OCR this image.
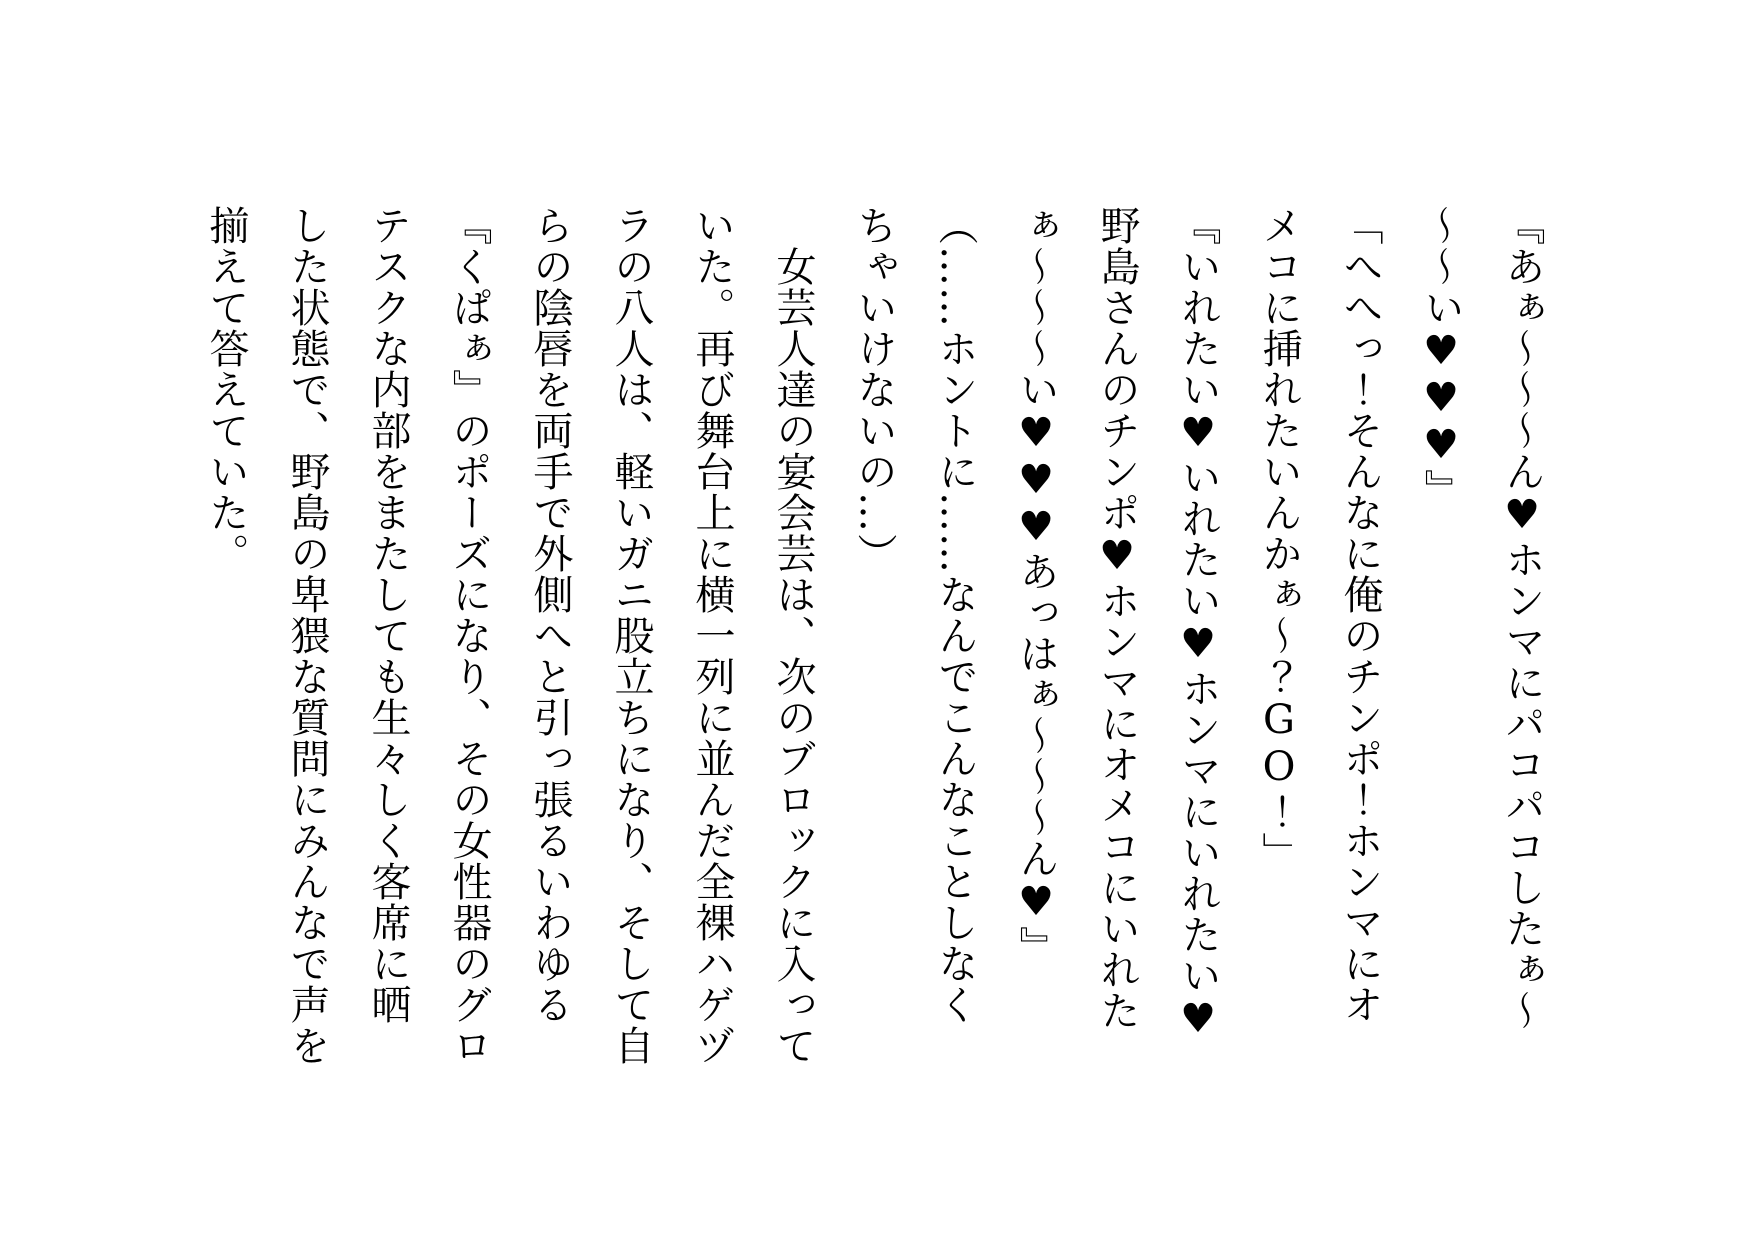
『あぁ～～～ん♥ホンマにパコパコしたぁ～
～～い♥♥♥』
「へへっ！そんなに俺のチンポ！ホンマにオ
メコに挿れたいんかぁ～？GO！」
『いれたい♥いれたい♥ホンマにいれたい♥
野島さんのチンポ♥ホンマにオメコにいれた
ぁ～～～い♥♥♥あっはぁ～～～ん♥』
（……ホントに……なんでこんなことしなく
ちゃいけないの…）
　女芸人達の宴会芸は、次のブロックに入って
いた。再び舞台上に横一列に並んだ全裸ハゲヅ
ラの八人は、軽いガニ股立ちになり、そして自
らの陰唇を両手で外側へと引っ張るいわゆる
『くぱぁ』のポーズになり、その女性器のグロ
テスクな内部をまたしても生々しく客席に晒
した状態で、野島の卑猥な質問にみんなで声を
揃えて答えていた。
